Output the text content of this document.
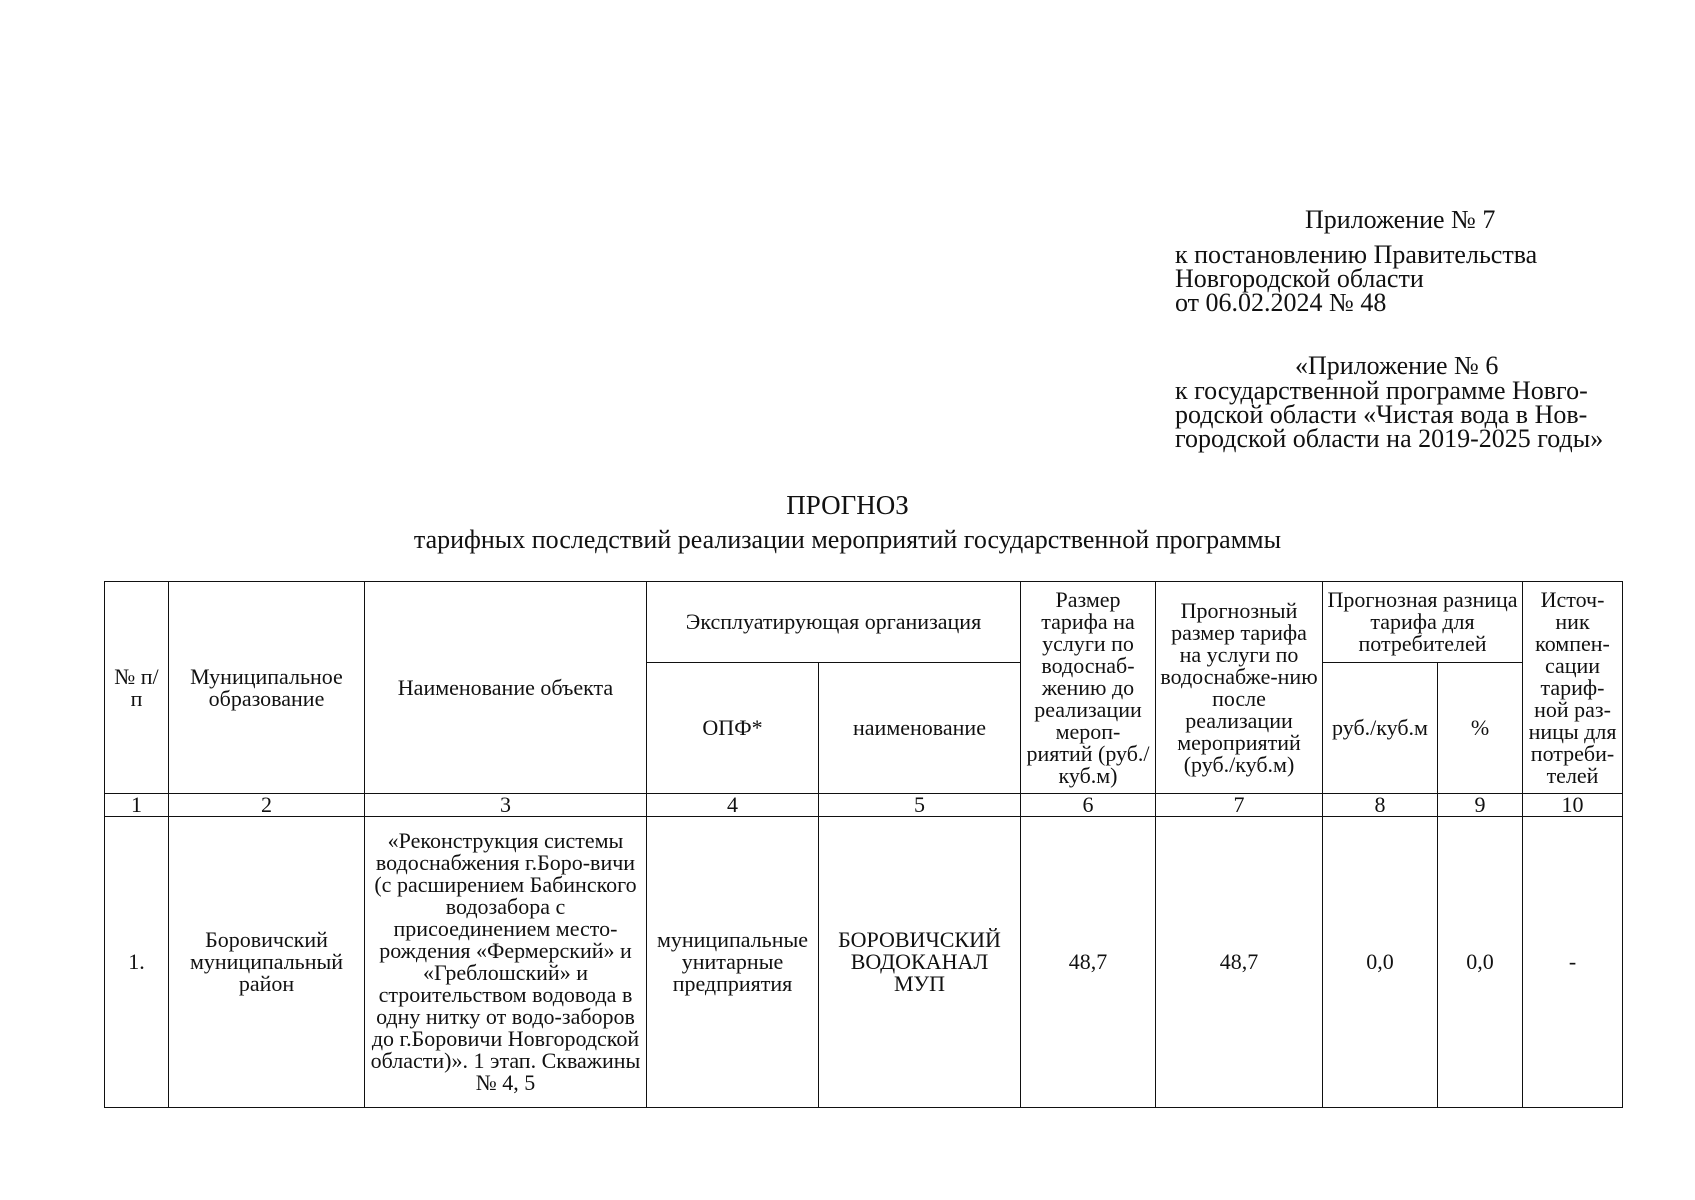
Приложение № 7
к постановлению Правительства
Новгородской области
от 06.02.2024 № 48
«Приложение № 6
к государственной программе Новго-
родской области «Чистая вода в Нов-
городской области на 2019-2025 годы»
ПРОГНОЗ
тарифных последствий реализации мероприятий государственной программы
№ п/п	Муниципальное образование	Наименование объекта	Эксплуатирующая организация		Размер тарифа на услуги по водоснаб-жению до реализации мероп-риятий (руб./куб.м)	Прогнозный размер тарифа на услуги по водоснабже-нию после реализации мероприятий (руб./куб.м)	Прогнозная разница тарифа для потребителей		Источ-ник компен-сации тариф-ной раз-ницы для потреби-телей
			ОПФ*	наименование			руб./куб.м	%	
1	2	3	4	5	6	7	8	9	10
1.	Боровичский муниципальный район	«Реконструкция системы водоснабжения г.Боро-вичи (с расширением Бабинского водозабора с присоединением место-рождения «Фермерский» и «Греблошский» и строительством водовода в одну нитку от водо-заборов до г.Боровичи Новгородской области)». 1 этап. Скважины № 4, 5	муниципальные унитарные предприятия	БОРОВИЧСКИЙ ВОДОКАНАЛ МУП	48,7	48,7	0,0	0,0	-
